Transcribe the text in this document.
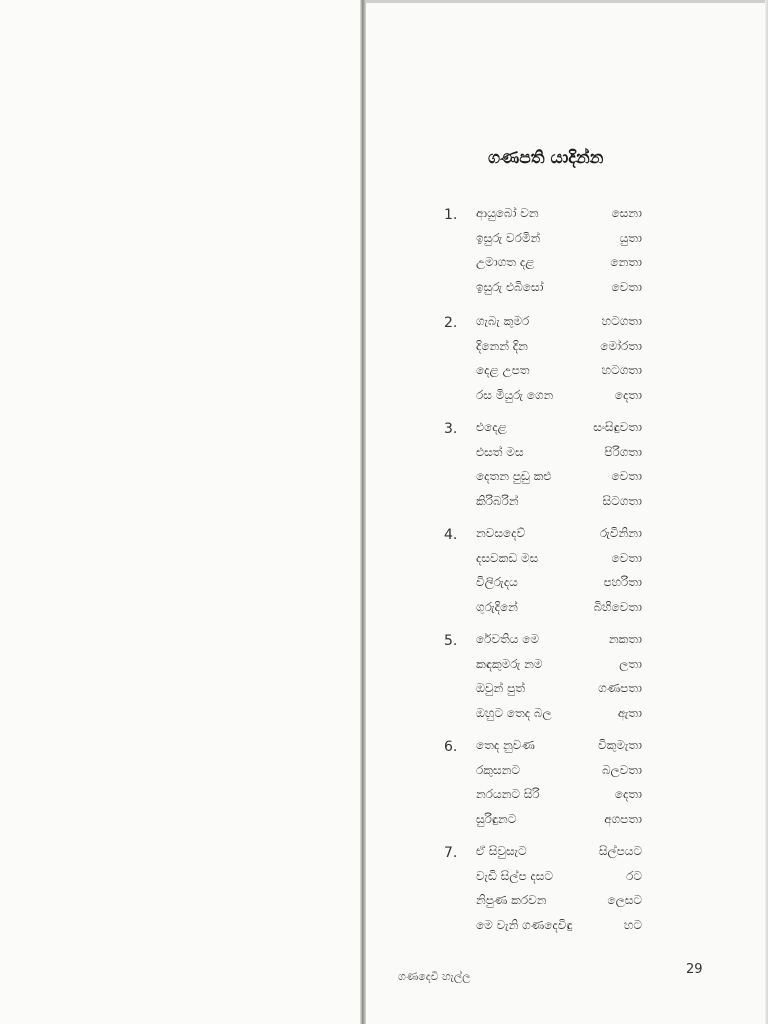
ගණපති යාදින්න
1. ආයුබෝ වන	සෙනා
ඉසුරු වරමින්	යුතා
උමාගත දළ	නෙතා
ඉසුරු එබිසෝ	වෙතා
2. ගැබැ කුමර	හටගතා
දිනෙන් දින	මෝරතා
දෙළ උපත	හටගතා
රස මියුරු ගෙන	දෙතා
3. එදෙළ	සංසිඳුවතා
එසත් මස	පිරිගතා
දෙතන පුඩු කළු	වෙතා
කිරිබරින්	සිටගතා
4. නවසදෙව්	රුවිනිනා
දසවකඩ මස	වෙතා
විලිරුදය	පහරිතා
ගුරුදිනේ	බිහිවෙතා
5. රේවතිය මෙ	නකතා
කඳකුමරු නම	ලතා
ඔවුන් පුත්	ගණපතා
ඔහුට තෙද බල	ඇතා
6. තෙද නුවණ	විකුමැතා
රකුසනට	බලවතා
නරයනට සිරි	දෙතා
සුරිඳුනට	අගපතා
7. ඒ සිවුසැට	සිල්පයට
වැඩි සිල්ප දසට	රට
නිපුණ කරවන	ලෙසට
මෙ වැනි ගණදෙවිඳු	හට
ගණදෙවි හැල්ල	29
